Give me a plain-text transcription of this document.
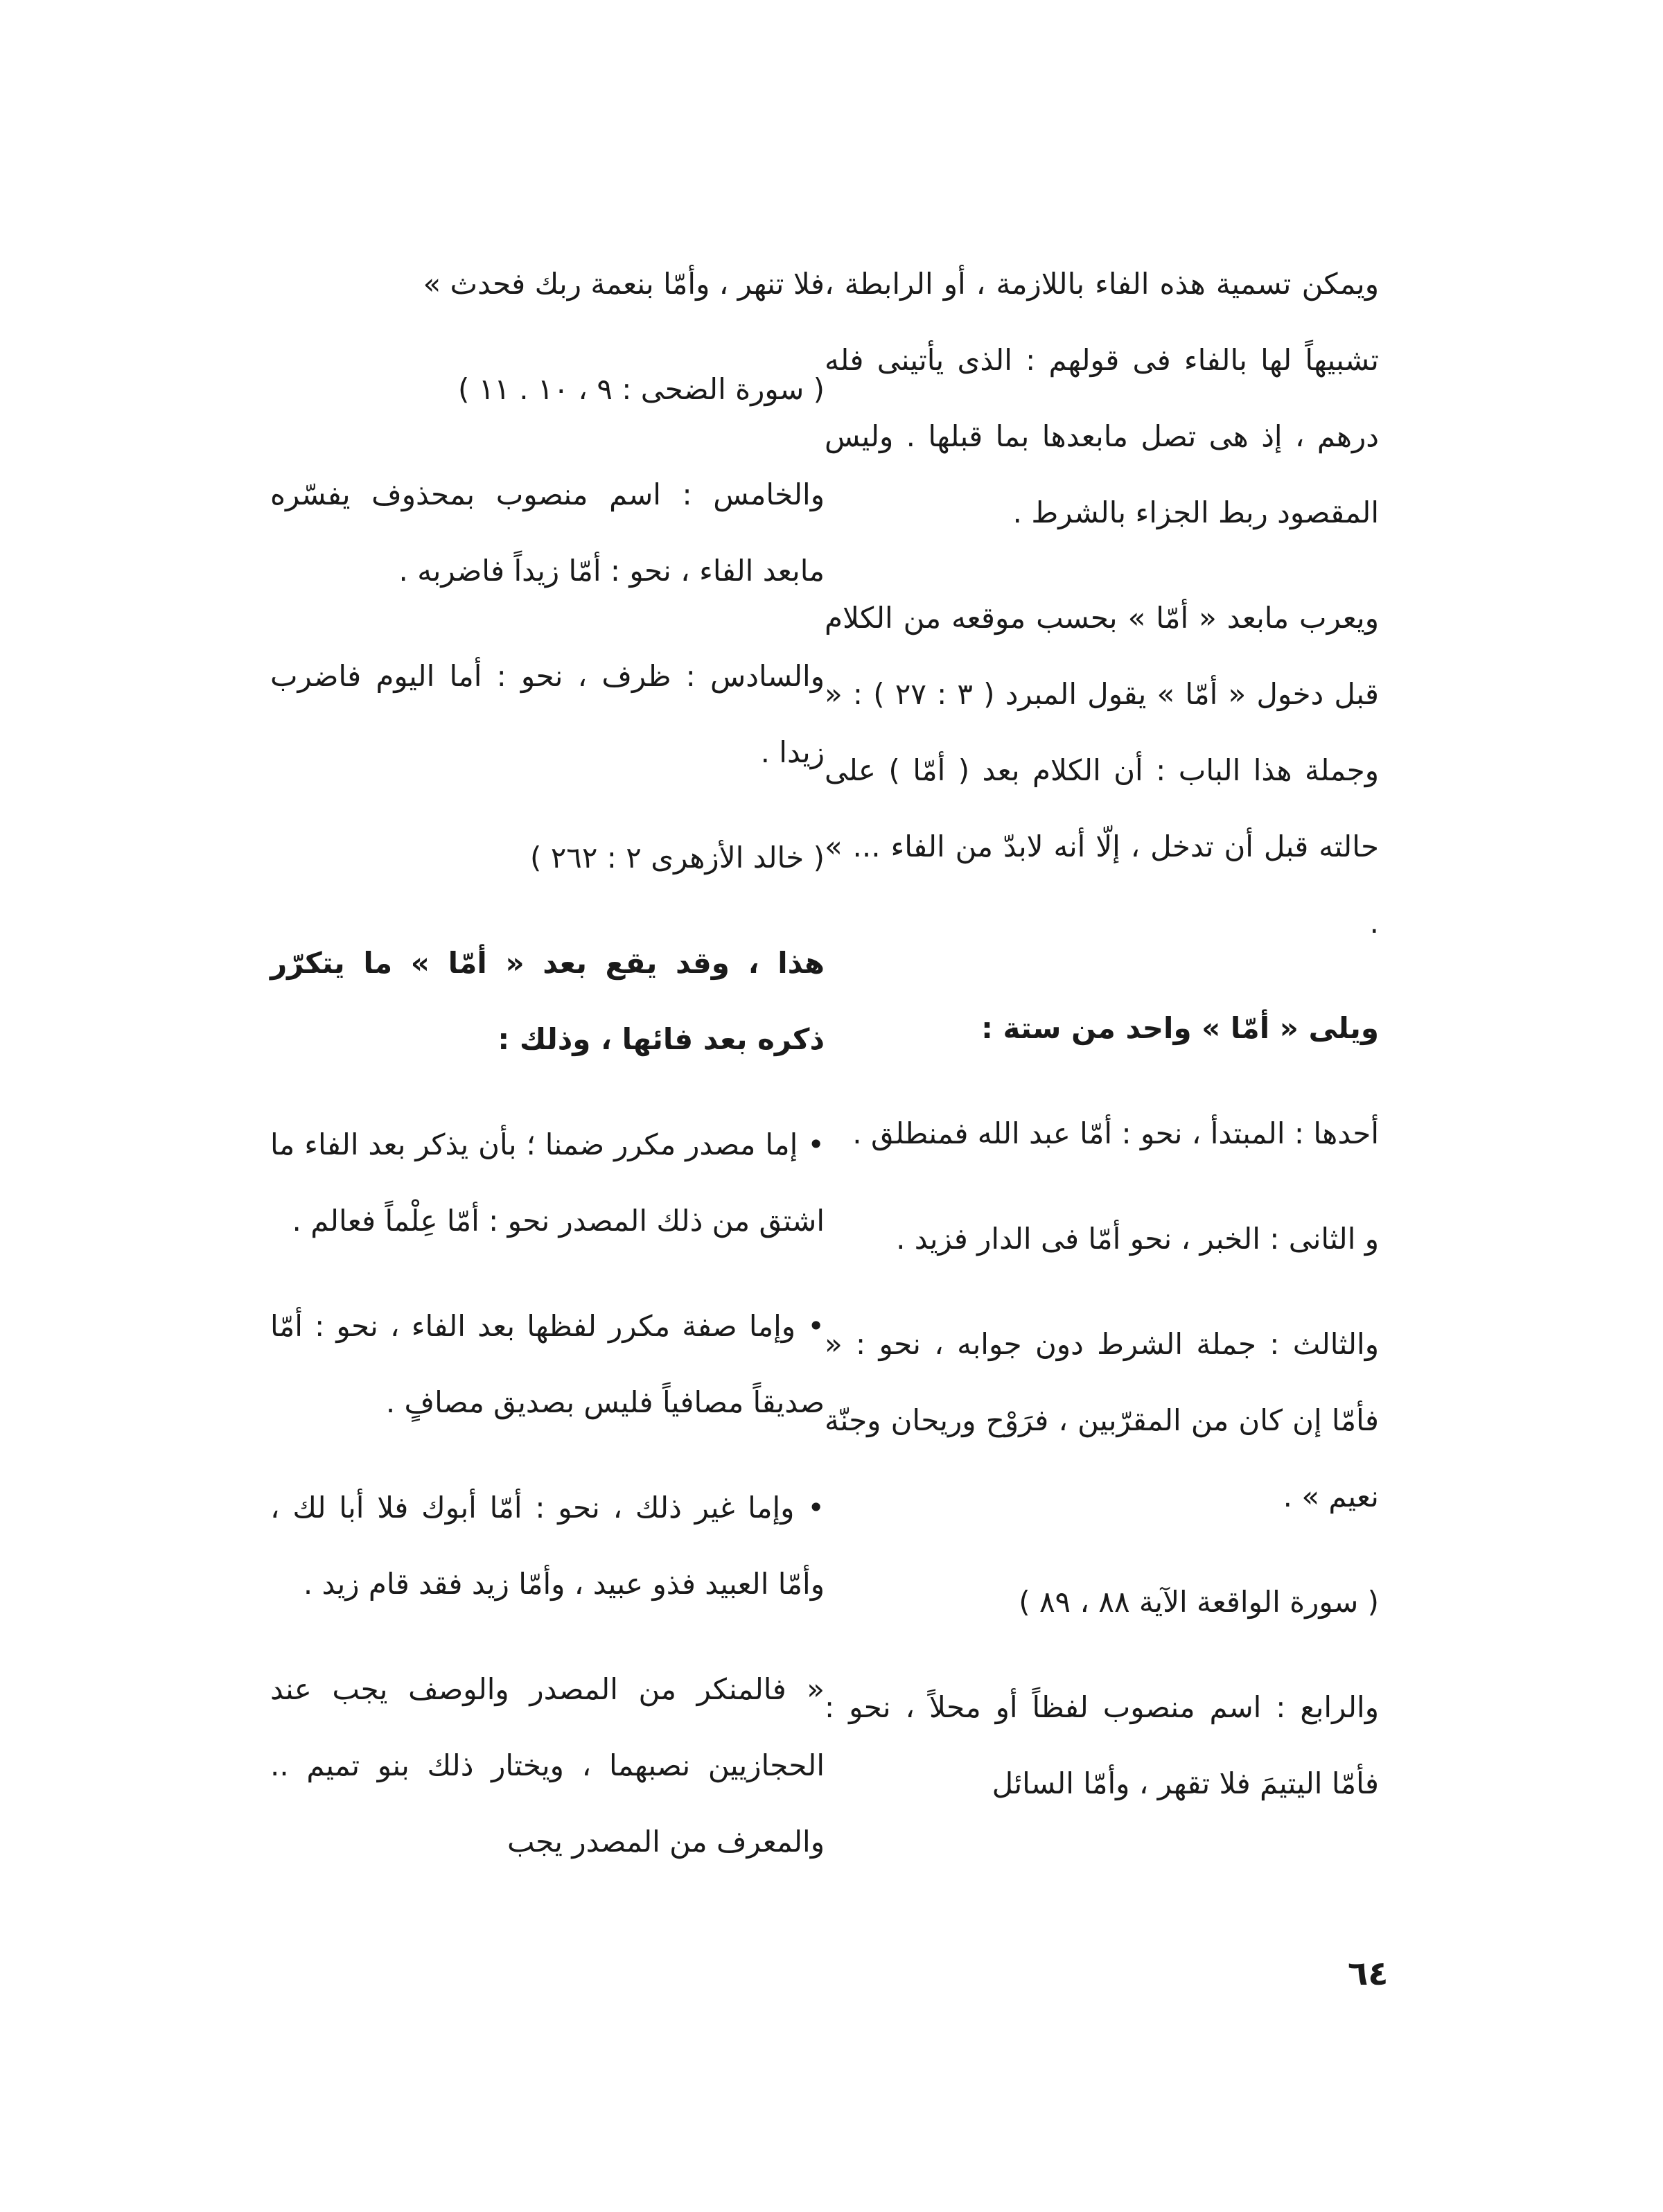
ويمكن تسمية هذه الفاء باللازمة ، أو الرابطة ، تشبيهاً لها بالفاء فى قولهم : الذى يأتينى فله درهم ، إذ هى تصل مابعدها بما قبلها . وليس المقصود ربط الجزاء بالشرط .

ويعرب مابعد « أمّا » بحسب موقعه من الكلام قبل دخول « أمّا » يقول المبرد ( ٣ : ٢٧ ) : « وجملة هذا الباب : أن الكلام بعد ( أمّا ) على حالته قبل أن تدخل ، إلّا أنه لابدّ من الفاء ... » .

ويلى « أمّا » واحد من ستة :

أحدها : المبتدأ ، نحو : أمّا عبد الله فمنطلق .

و الثانى : الخبر ، نحو أمّا فى الدار فزيد .

والثالث : جملة الشرط دون جوابه ، نحو : « فأمّا إن كان من المقرّبين ، فرَوْح وريحان وجنّة نعيم » .

( سورة الواقعة الآية ٨٨ ، ٨٩ )

والرابع : اسم منصوب لفظاً أو محلاً ، نحو : فأمّا اليتيمَ فلا تقهر ، وأمّا السائل

فلا تنهر ، وأمّا بنعمة ربك فحدث »

( سورة الضحى : ٩ ، ١٠ . ١١ )

والخامس : اسم منصوب بمحذوف يفسّره مابعد الفاء ، نحو : أمّا زيداً فاضربه .

والسادس : ظرف ، نحو : أما اليوم فاضرب زيدا .

( خالد الأزهرى ٢ : ٢٦٢ )

هذا ، وقد يقع بعد « أمّا » ما يتكرّر ذكره بعد فائها ، وذلك :

• إما مصدر مكرر ضمنا ؛ بأن يذكر بعد الفاء ما اشتق من ذلك المصدر نحو : أمّا عِلْماً فعالم .

• وإما صفة مكرر لفظها بعد الفاء ، نحو : أمّا صديقاً مصافياً فليس بصديق مصافٍ .

• وإما غير ذلك ، نحو : أمّا أبوك فلا أبا لك ، وأمّا العبيد فذو عبيد ، وأمّا زيد فقد قام زيد .

« فالمنكر من المصدر والوصف يجب عند الحجازيين نصبهما ، ويختار ذلك بنو تميم .. والمعرف من المصدر يجب

٦٤
